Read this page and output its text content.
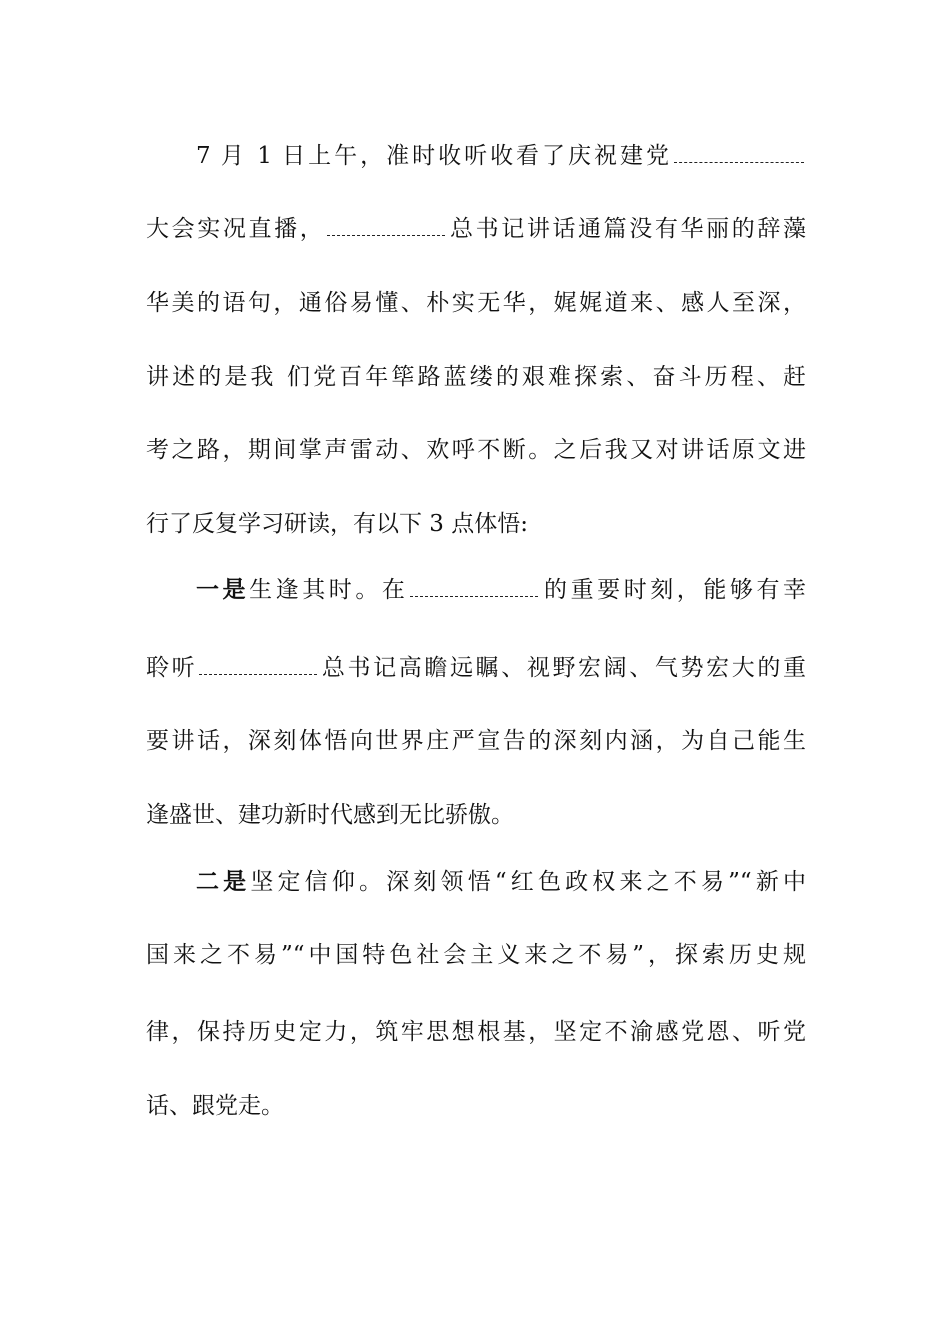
7 月 1 日上午，准时收听收看了庆祝建党
大会实况直播，	总书记讲话通篇没有华丽的辞藻
华美的语句，通俗易懂、朴实无华，娓娓道来、感人至深，
讲述的是我 们党百年筚路蓝缕的艰难探索、奋斗历程、赶
考之路，期间掌声雷动、欢呼不断。之后我又对讲话原文进
行了反复学习研读，有以下 3 点体悟:
一是生逢其时。在	的重要时刻，能够有幸
聆听	总书记高瞻远瞩、视野宏阔、气势宏大的重
要讲话，深刻体悟向世界庄严宣告的深刻内涵，为自己能生
逢盛世、建功新时代感到无比骄傲。
二是坚定信仰。深刻领悟“红色政权来之不易”“新中
国来之不易”“中国特色社会主义来之不易”，探索历史规
律，保持历史定力，筑牢思想根基，坚定不渝感党恩、听党
话、跟党走。
